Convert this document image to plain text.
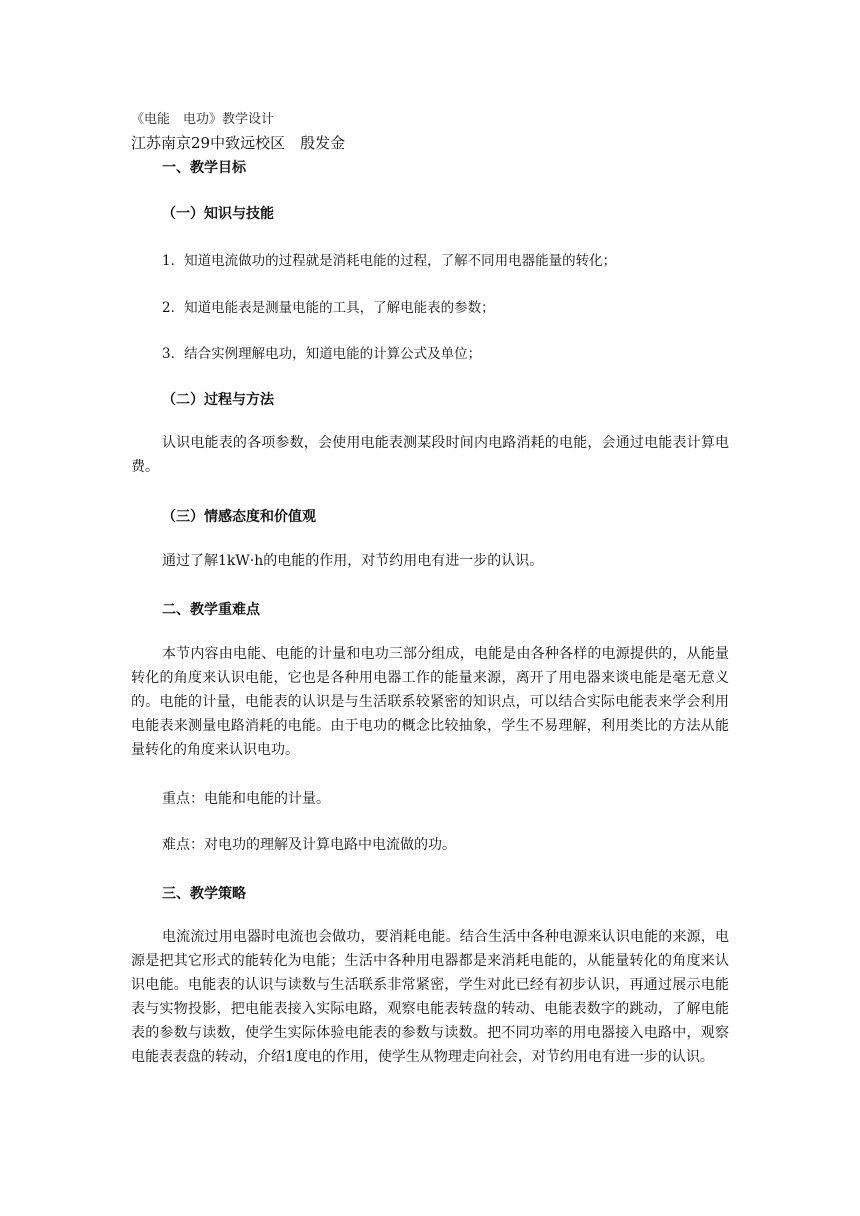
《电能　电功》教学设计
江苏南京29中致远校区　殷发金
一、教学目标
（一）知识与技能
1．知道电流做功的过程就是消耗电能的过程，了解不同用电器能量的转化；
2．知道电能表是测量电能的工具，了解电能表的参数；
3．结合实例理解电功，知道电能的计算公式及单位；
（二）过程与方法
认识电能表的各项参数，会使用电能表测某段时间内电路消耗的电能，会通过电能表计算电费。
（三）情感态度和价值观
通过了解1kW·h的电能的作用，对节约用电有进一步的认识。
二、教学重难点
本节内容由电能、电能的计量和电功三部分组成，电能是由各种各样的电源提供的，从能量转化的角度来认识电能，它也是各种用电器工作的能量来源，离开了用电器来谈电能是毫无意义的。电能的计量，电能表的认识是与生活联系较紧密的知识点，可以结合实际电能表来学会利用电能表来测量电路消耗的电能。由于电功的概念比较抽象，学生不易理解，利用类比的方法从能量转化的角度来认识电功。
重点：电能和电能的计量。
难点：对电功的理解及计算电路中电流做的功。
三、教学策略
电流流过用电器时电流也会做功，要消耗电能。结合生活中各种电源来认识电能的来源，电源是把其它形式的能转化为电能；生活中各种用电器都是来消耗电能的，从能量转化的角度来认识电能。电能表的认识与读数与生活联系非常紧密，学生对此已经有初步认识，再通过展示电能表与实物投影，把电能表接入实际电路，观察电能表转盘的转动、电能表数字的跳动，了解电能表的参数与读数，使学生实际体验电能表的参数与读数。把不同功率的用电器接入电路中，观察电能表表盘的转动，介绍1度电的作用，使学生从物理走向社会，对节约用电有进一步的认识。
